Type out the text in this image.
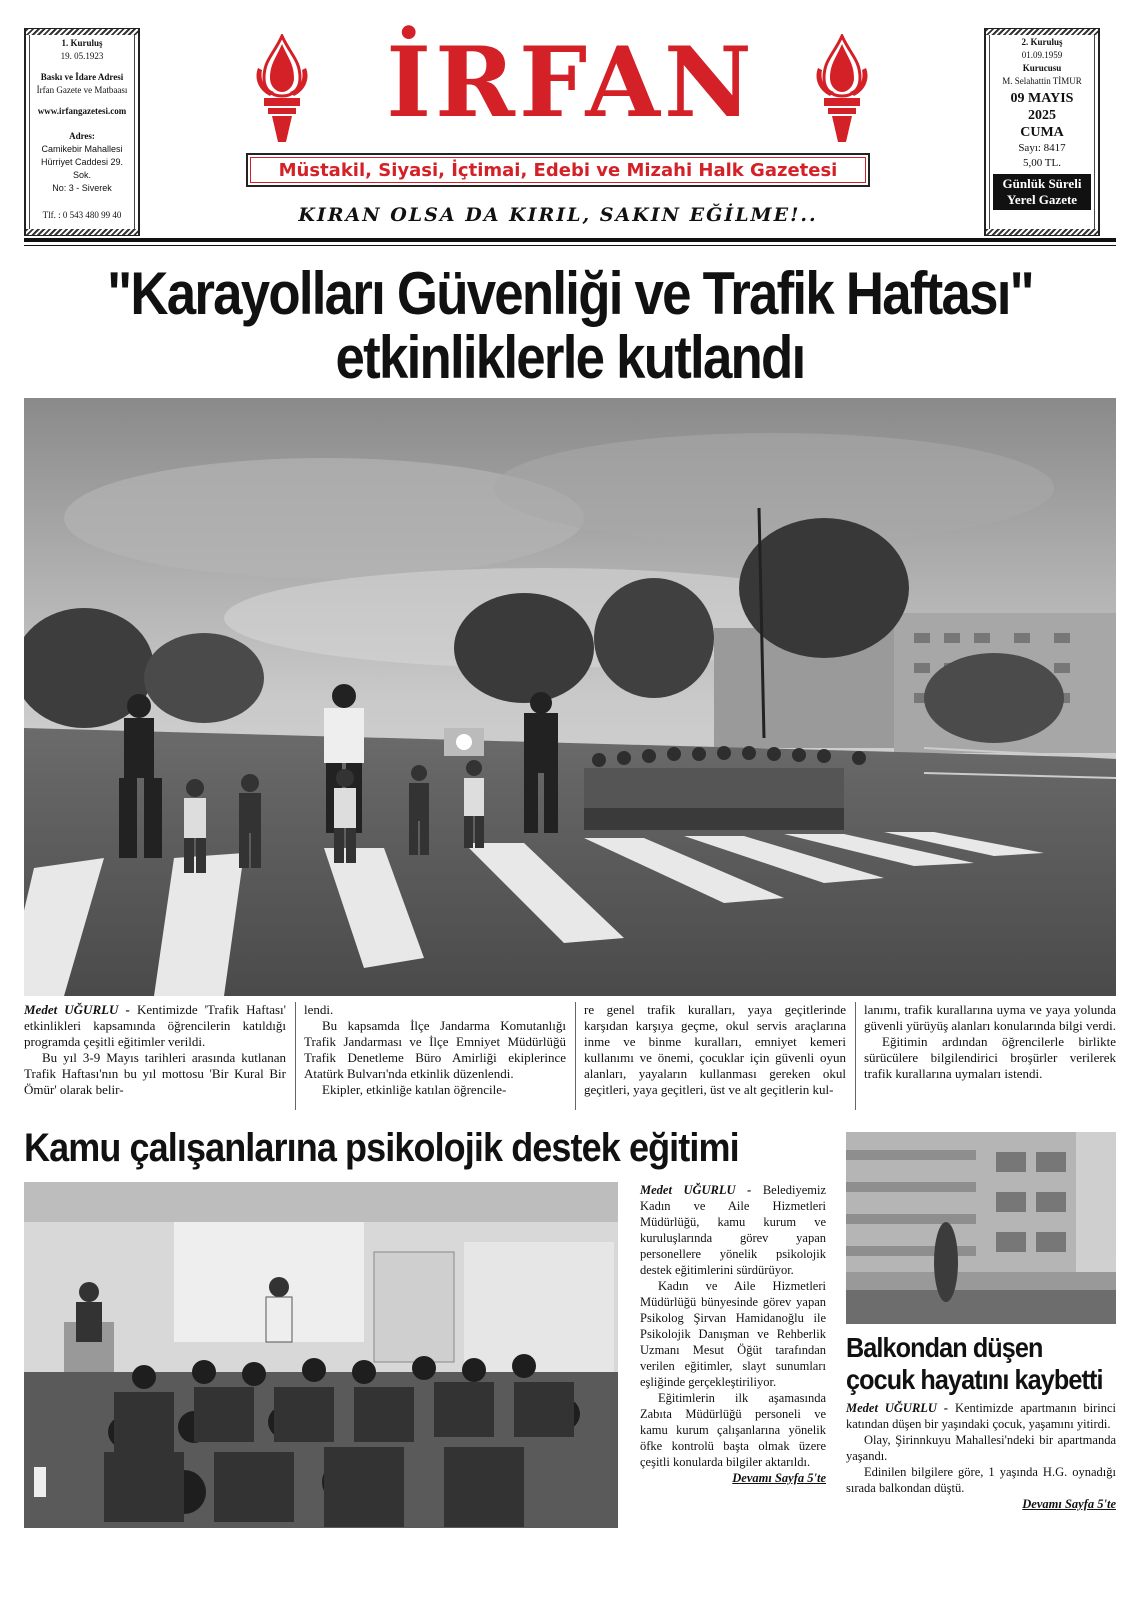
1. Kuruluş
19. 05.1923
Baskı ve İdare Adresi
İrfan Gazete ve Matbaası
www.irfangazetesi.com
Adres:
Camikebir Mahallesi
Hürriyet Caddesi 29. Sok.
No: 3 - Siverek
Tlf. : 0 543 480 99 40
İRFAN
Müstakil, Siyasi, İçtimai, Edebi ve Mizahi Halk Gazetesi
KIRAN OLSA DA KIRIL, SAKIN EĞİLME!..
2. Kuruluş
01.09.1959
Kurucusu
M. Selahattin TİMUR
09 MAYIS
2025
CUMA
Sayı: 8417
5,00 TL.
Günlük Süreli
Yerel Gazete
"Karayolları Güvenliği ve Trafik Haftası"
etkinliklerle kutlandı

Medet UĞURLU - Kentimizde 'Trafik Haftası' etkinlikleri kapsamında öğrencilerin katıldığı programda çeşitli eğitimler verildi.

Bu yıl 3-9 Mayıs tarihleri arasında kutlanan Trafik Haftası'nın bu yıl mottosu 'Bir Kural Bir Ömür' olarak belir-

lendi.

Bu kapsamda İlçe Jandarma Komutanlığı Trafik Jandarması ve İlçe Emniyet Müdürlüğü Trafik Denetleme Büro Amirliği ekiplerince Atatürk Bulvarı'nda etkinlik düzenlendi.

Ekipler, etkinliğe katılan öğrencile-

re genel trafik kuralları, yaya geçitlerinde karşıdan karşıya geçme, okul servis araçlarına inme ve binme kuralları, emniyet kemeri kullanımı ve önemi, çocuklar için güvenli oyun alanları, yayaların kullanması gereken okul geçitleri, yaya geçitleri, üst ve alt geçitlerin kul-

lanımı, trafik kurallarına uyma ve yaya yolunda güvenli yürüyüş alanları konularında bilgi verdi.

Eğitimin ardından öğrencilerle birlikte sürücülere bilgilendirici broşürler verilerek trafik kurallarına uymaları istendi.

Kamu çalışanlarına psikolojik destek eğitimi

Medet UĞURLU - Belediyemiz Kadın ve Aile Hizmetleri Müdürlüğü, kamu kurum ve kuruluşlarında görev yapan personellere yönelik psikolojik destek eğitimlerini sürdürüyor.

Kadın ve Aile Hizmetleri Müdürlüğü bünyesinde görev yapan Psikolog Şirvan Hamidanoğlu ile Psikolojik Danışman ve Rehberlik Uzmanı Mesut Öğüt tarafından verilen eğitimler, slayt sunumları eşliğinde gerçekleştiriliyor.

Eğitimlerin ilk aşamasında Zabıta Müdürlüğü personeli ve kamu kurum çalışanlarına yönelik öfke kontrolü başta olmak üzere çeşitli konularda bilgiler aktarıldı.

Devamı Sayfa 5'te

Balkondan düşen
çocuk hayatını kaybetti

Medet UĞURLU - Kentimizde apartmanın birinci katından düşen bir yaşındaki çocuk, yaşamını yitirdi.

Olay, Şirinnkuyu Mahallesi'ndeki bir apartmanda yaşandı.

Edinilen bilgilere göre, 1 yaşında H.G. oynadığı sırada balkondan düştü.

Devamı Sayfa 5'te
